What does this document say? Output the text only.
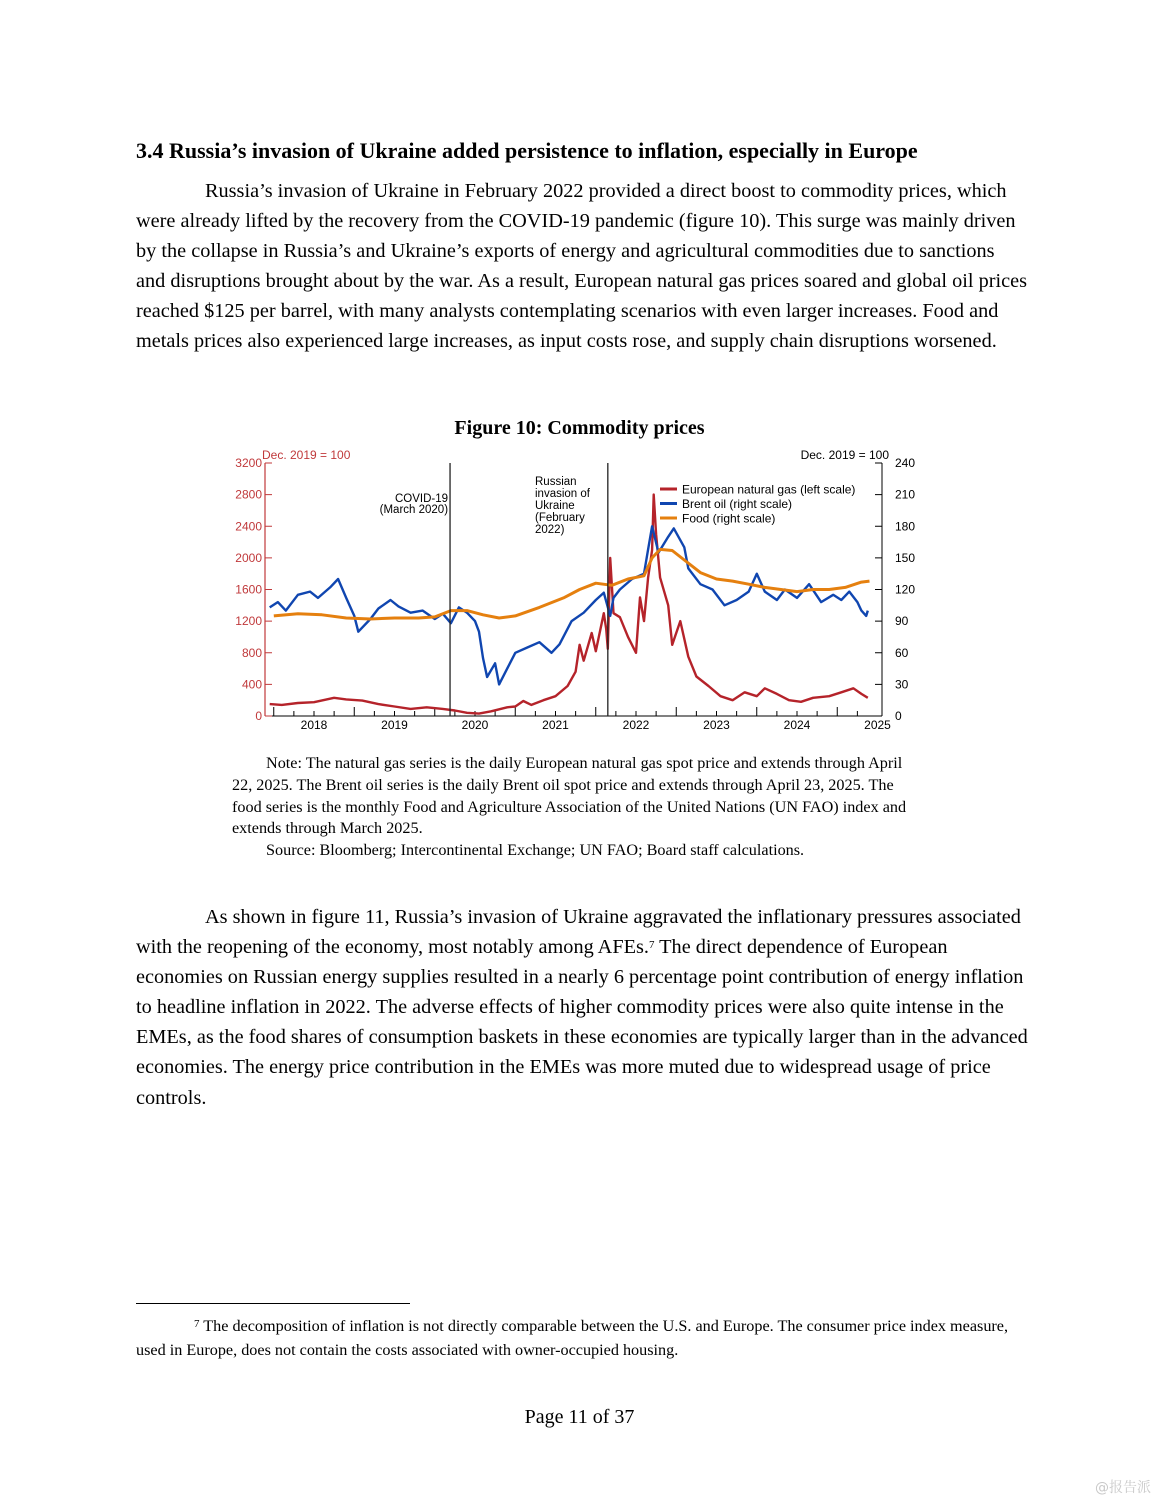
3.4 Russia’s invasion of Ukraine added persistence to inflation, especially in Europe

Russia’s invasion of Ukraine in February 2022 provided a direct boost to commodity prices, which were already lifted by the recovery from the COVID-19 pandemic (figure 10). This surge was mainly driven by the collapse in Russia’s and Ukraine’s exports of energy and agricultural commodities due to sanctions and disruptions brought about by the war. As a result, European natural gas prices soared and global oil prices reached $125 per barrel, with many analysts contemplating scenarios with even larger increases. Food and metals prices also experienced large increases, as input costs rose, and supply chain disruptions worsened.

Figure 10: Commodity prices
0
400
800
1200
1600
2000
2400
2800
3200
0
30
60
90
120
150
180
210
240
Dec. 2019 = 100	Dec. 2019 = 100
2018	2019	2020	2021	2022	2023	2024	2025
COVID-19
(March 2020)
Russian
invasion of
Ukraine
(February
2022)
European natural gas (left scale)
Brent oil (right scale)
Food (right scale)

Note: The natural gas series is the daily European natural gas spot price and extends through April 22, 2025. The Brent oil series is the daily Brent oil spot price and extends through April 23, 2025. The food series is the monthly Food and Agriculture Association of the United Nations (UN FAO) index and extends through March 2025.

Source: Bloomberg; Intercontinental Exchange; UN FAO; Board staff calculations.

As shown in figure 11, Russia’s invasion of Ukraine aggravated the inflationary pressures associated with the reopening of the economy, most notably among AFEs.$^7$ The direct dependence of European economies on Russian energy supplies resulted in a nearly 6 percentage point contribution of energy inflation to headline inflation in 2022. The adverse effects of higher commodity prices were also quite intense in the EMEs, as the food shares of consumption baskets in these economies are typically larger than in the advanced economies. The energy price contribution in the EMEs was more muted due to widespread usage of price controls.

$^7$ The decomposition of inflation is not directly comparable between the U.S. and Europe. The consumer price index measure, used in Europe, does not contain the costs associated with owner-occupied housing.

Page 11 of 37
@报告派
